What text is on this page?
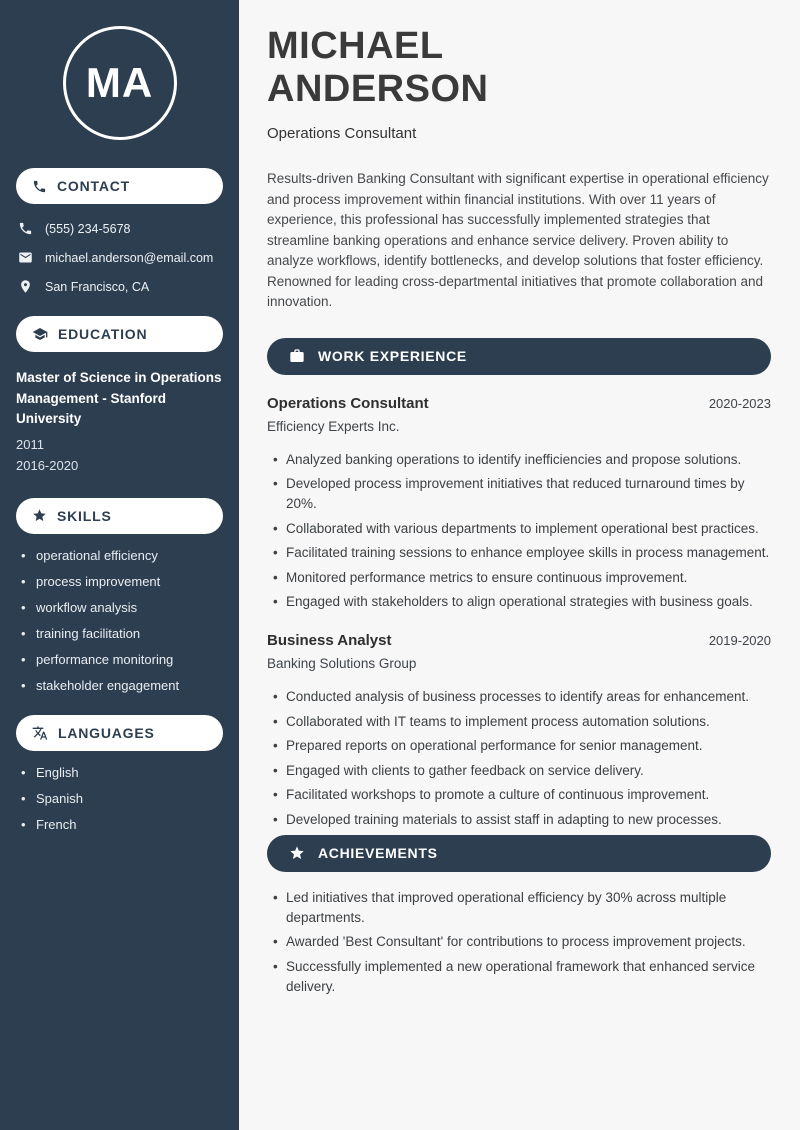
MA
CONTACT
(555) 234-5678
michael.anderson@email.com
San Francisco, CA
EDUCATION
Master of Science in Operations Management - Stanford University
2011
2016-2020
SKILLS
• operational efficiency
• process improvement
• workflow analysis
• training facilitation
• performance monitoring
• stakeholder engagement
LANGUAGES
• English
• Spanish
• French
MICHAEL
ANDERSON
Operations Consultant

Results-driven Banking Consultant with significant expertise in operational efficiency and process improvement within financial institutions. With over 11 years of experience, this professional has successfully implemented strategies that streamline banking operations and enhance service delivery. Proven ability to analyze workflows, identify bottlenecks, and develop solutions that foster efficiency. Renowned for leading cross-departmental initiatives that promote collaboration and innovation.

WORK EXPERIENCE
Operations Consultant	2020-2023
Efficiency Experts Inc.
• Analyzed banking operations to identify inefficiencies and propose solutions.
• Developed process improvement initiatives that reduced turnaround times by 20%.
• Collaborated with various departments to implement operational best practices.
• Facilitated training sessions to enhance employee skills in process management.
• Monitored performance metrics to ensure continuous improvement.
• Engaged with stakeholders to align operational strategies with business goals.
Business Analyst	2019-2020
Banking Solutions Group
• Conducted analysis of business processes to identify areas for enhancement.
• Collaborated with IT teams to implement process automation solutions.
• Prepared reports on operational performance for senior management.
• Engaged with clients to gather feedback on service delivery.
• Facilitated workshops to promote a culture of continuous improvement.
• Developed training materials to assist staff in adapting to new processes.
ACHIEVEMENTS
• Led initiatives that improved operational efficiency by 30% across multiple departments.
• Awarded 'Best Consultant' for contributions to process improvement projects.
• Successfully implemented a new operational framework that enhanced service delivery.
